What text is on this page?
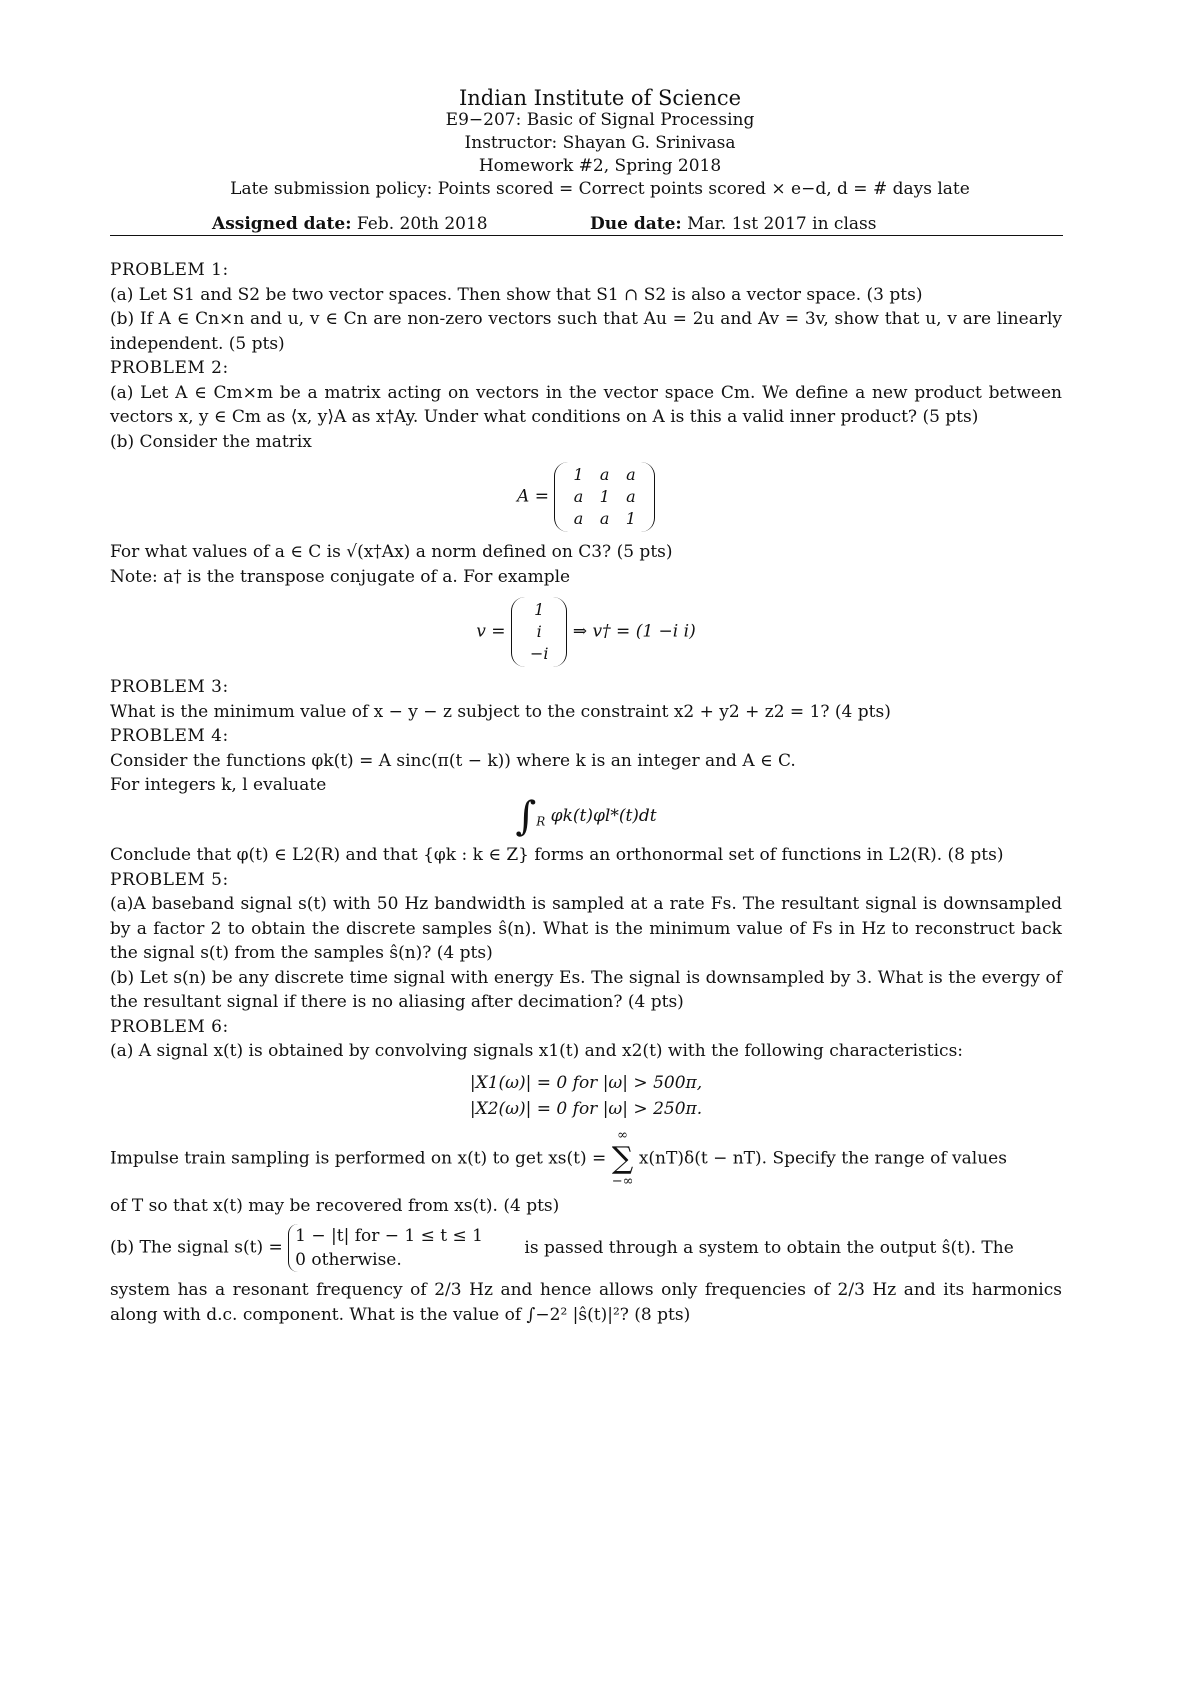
Indian Institute of Science
E9−207: Basic of Signal Processing
Instructor: Shayan G. Srinivasa
Homework #2, Spring 2018
Late submission policy: Points scored = Correct points scored × e−d, d = # days late
Assigned date: Feb. 20th 2018	Due date: Mar. 1st 2017 in class

PROBLEM 1:

(a) Let S1 and S2 be two vector spaces. Then show that S1 ∩ S2 is also a vector space. (3 pts)

(b) If A ∈ Cn×n and u, v ∈ Cn are non-zero vectors such that Au = 2u and Av = 3v, show that u, v are linearly independent. (5 pts)

PROBLEM 2:

(a) Let A ∈ Cm×m be a matrix acting on vectors in the vector space Cm. We define a new product between vectors x, y ∈ Cm as ⟨x, y⟩A as x†Ay. Under what conditions on A is this a valid inner product? (5 pts)

(b) Consider the matrix

A =
1	a	a
a	1	a
a	a	1

For what values of a ∈ C is √(x†Ax) a norm defined on C3? (5 pts)

Note: a† is the transpose conjugate of a. For example

v =
1
i
−i
⇒ v† = (1 −i i)

PROBLEM 3:

What is the minimum value of x − y − z subject to the constraint x2 + y2 + z2 = 1? (4 pts)

PROBLEM 4:

Consider the functions φk(t) = A sinc(π(t − k)) where k is an integer and A ∈ C.

For integers k, l evaluate

$\int_R$ φk(t)φl*(t)dt

Conclude that φ(t) ∈ L2(R) and that {φk : k ∈ Z} forms an orthonormal set of functions in L2(R). (8 pts)

PROBLEM 5:

(a)A baseband signal s(t) with 50 Hz bandwidth is sampled at a rate Fs. The resultant signal is downsampled by a factor 2 to obtain the discrete samples ŝ(n). What is the minimum value of Fs in Hz to reconstruct back the signal s(t) from the samples ŝ(n)? (4 pts)

(b) Let s(n) be any discrete time signal with energy Es. The signal is downsampled by 3. What is the evergy of the resultant signal if there is no aliasing after decimation? (4 pts)

PROBLEM 6:

(a) A signal x(t) is obtained by convolving signals x1(t) and x2(t) with the following characteristics:

|X1(ω)| = 0 for |ω| > 500π,
|X2(ω)| = 0 for |ω| > 250π.

Impulse train sampling is performed on x(t) to get xs(t) = ∞
∑
−∞ x(nT)δ(t − nT). Specify the range of values

of T so that x(t) may be recovered from xs(t). (4 pts)

(b) The signal s(t) =
1 − |t| for − 1 ≤ t ≤ 1
0 otherwise.
is passed through a system to obtain the output ŝ(t). The

system has a resonant frequency of 2/3 Hz and hence allows only frequencies of 2/3 Hz and its harmonics along with d.c. component. What is the value of ∫−2² |ŝ(t)|²? (8 pts)
